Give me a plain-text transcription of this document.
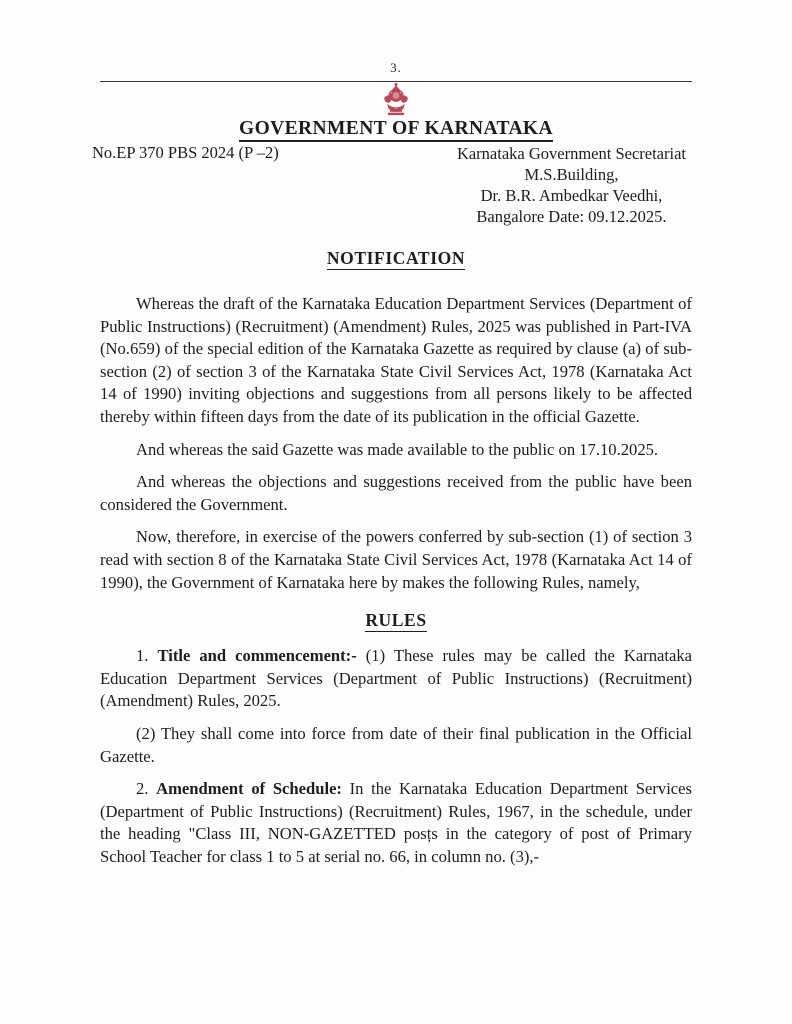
3.
GOVERNMENT OF KARNATAKA
No.EP 370 PBS 2024 (P –2)	Karnataka Government Secretariat
M.S.Building,
Dr. B.R. Ambedkar Veedhi,
Bangalore Date: 09.12.2025.
NOTIFICATION

Whereas the draft of the Karnataka Education Department Services (Department of Public Instructions) (Recruitment) (Amendment) Rules, 2025 was published in Part-IVA (No.659) of the special edition of the Karnataka Gazette as required by clause (a) of sub-section (2) of section 3 of the Karnataka State Civil Services Act, 1978 (Karnataka Act 14 of 1990) inviting objections and suggestions from all persons likely to be affected thereby within fifteen days from the date of its publication in the official Gazette.

And whereas the said Gazette was made available to the public on 17.10.2025.

And whereas the objections and suggestions received from the public have been considered the Government.

Now, therefore, in exercise of the powers conferred by sub-section (1) of section 3 read with section 8 of the Karnataka State Civil Services Act, 1978 (Karnataka Act 14 of 1990), the Government of Karnataka here by makes the following Rules, namely,

RULES

1. Title and commencement:- (1) These rules may be called the Karnataka Education Department Services (Department of Public Instructions) (Recruitment) (Amendment) Rules, 2025.

(2) They shall come into force from date of their final publication in the Official Gazette.

2. Amendment of Schedule: In the Karnataka Education Department Services (Department of Public Instructions) (Recruitment) Rules, 1967, in the schedule, under the heading "Class III, NON-GAZETTED posțs in the category of post of Primary School Teacher for class 1 to 5 at serial no. 66, in column no. (3),-
